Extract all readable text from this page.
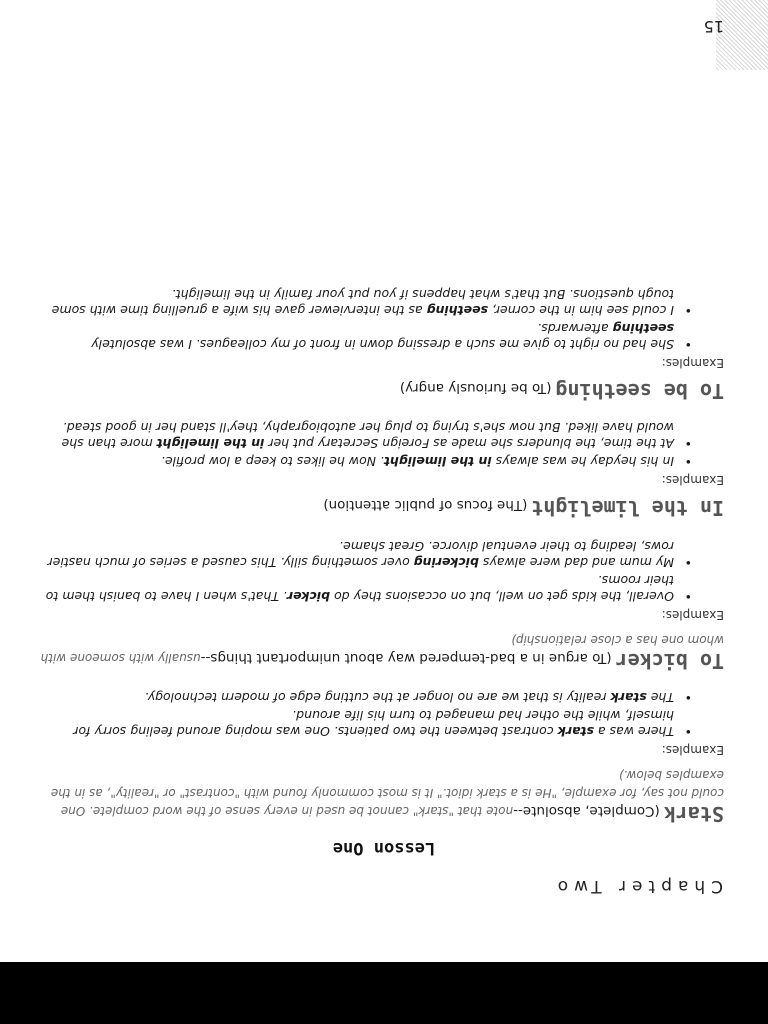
Chapter Two
Lesson One

Stark (Complete, absolute--note that "stark" cannot be used in every sense of the word complete. One could not say, for example, "He is a stark idiot." It is most commonly found with "contrast" or "reality", as in the examples below.)

Examples:
• There was a stark contrast between the two patients. One was moping around feeling sorry for himself, while the other had managed to turn his life around.
• The stark reality is that we are no longer at the cutting edge of modern technology.

To bicker (To argue in a bad-tempered way about unimportant things--usually with someone with whom one has a close relationship)

Examples:
• Overall, the kids get on well, but on occasions they do bicker. That's when I have to banish them to their rooms.
• My mum and dad were always bickering over something silly. This caused a series of much nastier rows, leading to their eventual divorce. Great shame.

In the limelight (The focus of public attention)

Examples:
• In his heyday he was always in the limelight. Now he likes to keep a low profile.
• At the time, the blunders she made as Foreign Secretary put her in the limelight more than she would have liked. But now she's trying to plug her autobiography, they'll stand her in good stead.

To be seething (To be furiously angry)

Examples:
• She had no right to give me such a dressing down in front of my colleagues. I was absolutely seething afterwards.
• I could see him in the corner, seething as the interviewer gave his wife a gruelling time with some tough questions. But that's what happens if you put your family in the limelight.
15
